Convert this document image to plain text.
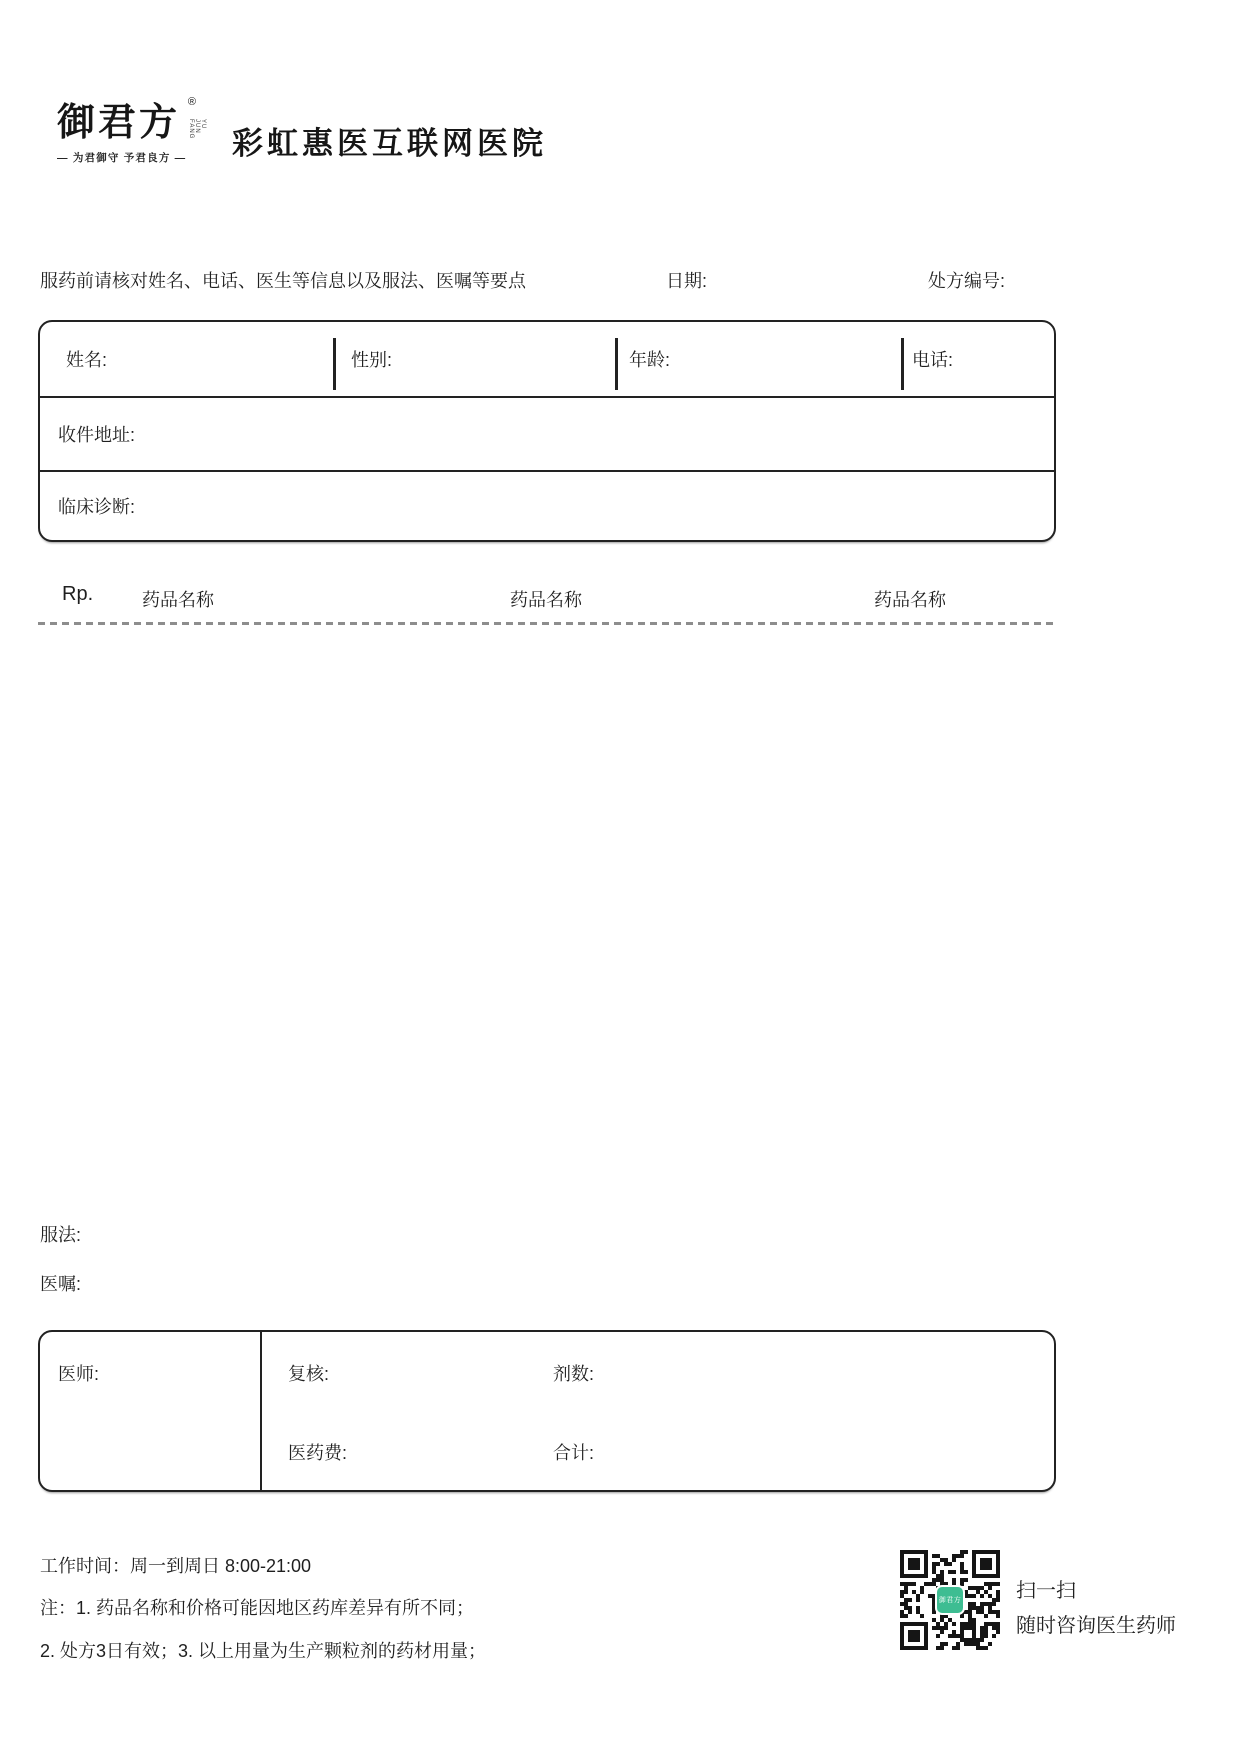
御君方 ®
YU JUN FANG
— 为君御守 予君良方 — 彩虹惠医互联网医院
服药前请核对姓名、电话、医生等信息以及服法、医嘱等要点	日期:	处方编号:
姓名:	性别:	年龄:	电话:
收件地址:
临床诊断:
Rp.	药品名称	药品名称	药品名称
服法:
医嘱:
医师:	复核:	剂数:
医药费:	合计:
工作时间：周一到周日 8:00-21:00
注：1. 药品名称和价格可能因地区药库差异有所不同；
2. 处方3日有效；3. 以上用量为生产颗粒剂的药材用量；
御君方	扫一扫
随时咨询医生药师
